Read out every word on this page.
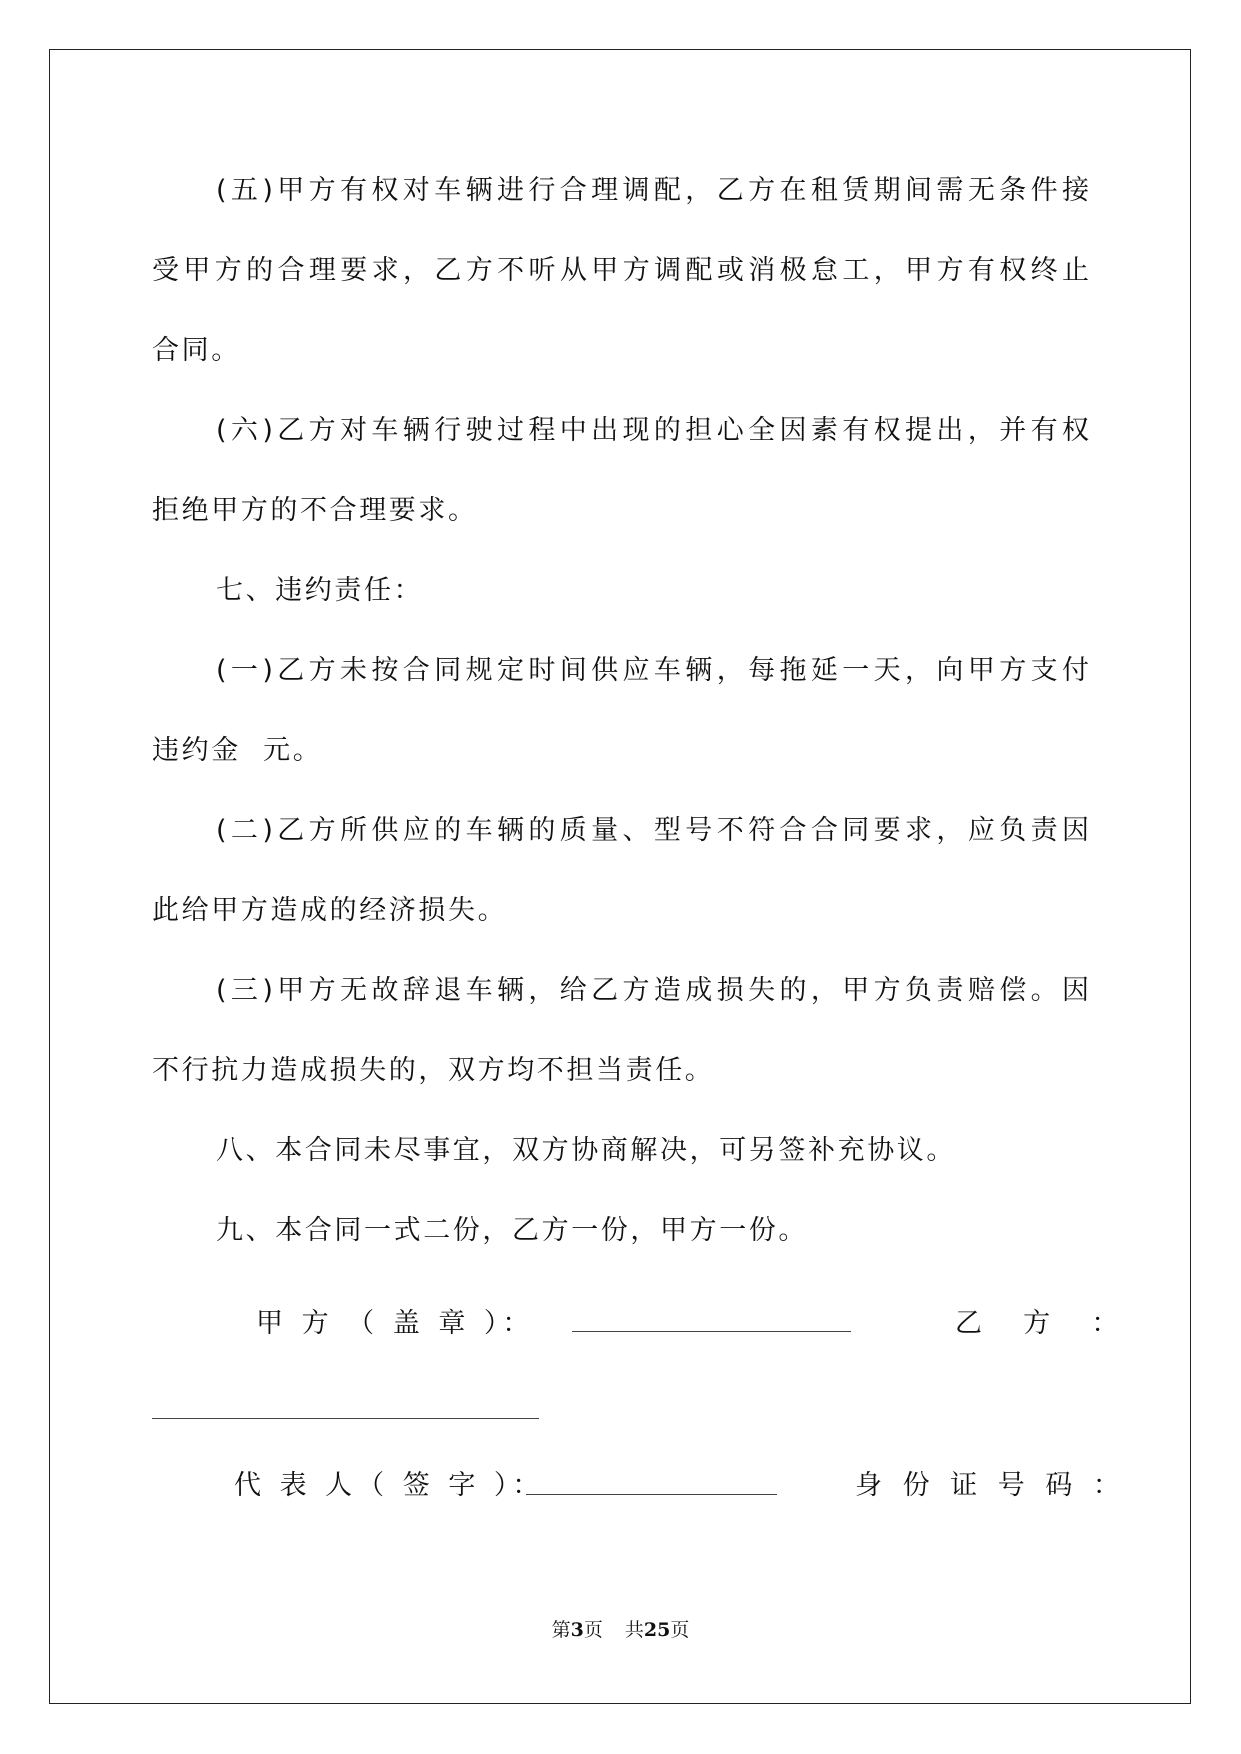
(五)甲方有权对车辆进行合理调配，乙方在租赁期间需无条件接
受甲方的合理要求，乙方不听从甲方调配或消极怠工，甲方有权终止
合同。
(六)乙方对车辆行驶过程中出现的担心全因素有权提出，并有权
拒绝甲方的不合理要求。
七、违约责任：
(一)乙方未按合同规定时间供应车辆，每拖延一天，向甲方支付
违约金  元。
(二)乙方所供应的车辆的质量、型号不符合合同要求，应负责因
此给甲方造成的经济损失。
(三)甲方无故辞退车辆，给乙方造成损失的，甲方负责赔偿。因
不行抗力造成损失的，双方均不担当责任。
八、本合同未尽事宜，双方协商解决，可另签补充协议。
九、本合同一式二份，乙方一份，甲方一份。
甲 方 （ 盖 章 ）：	乙  方  ：
代 表 人（ 签 字 ）：	身 份 证 号 码 ：
第3页 共25页
